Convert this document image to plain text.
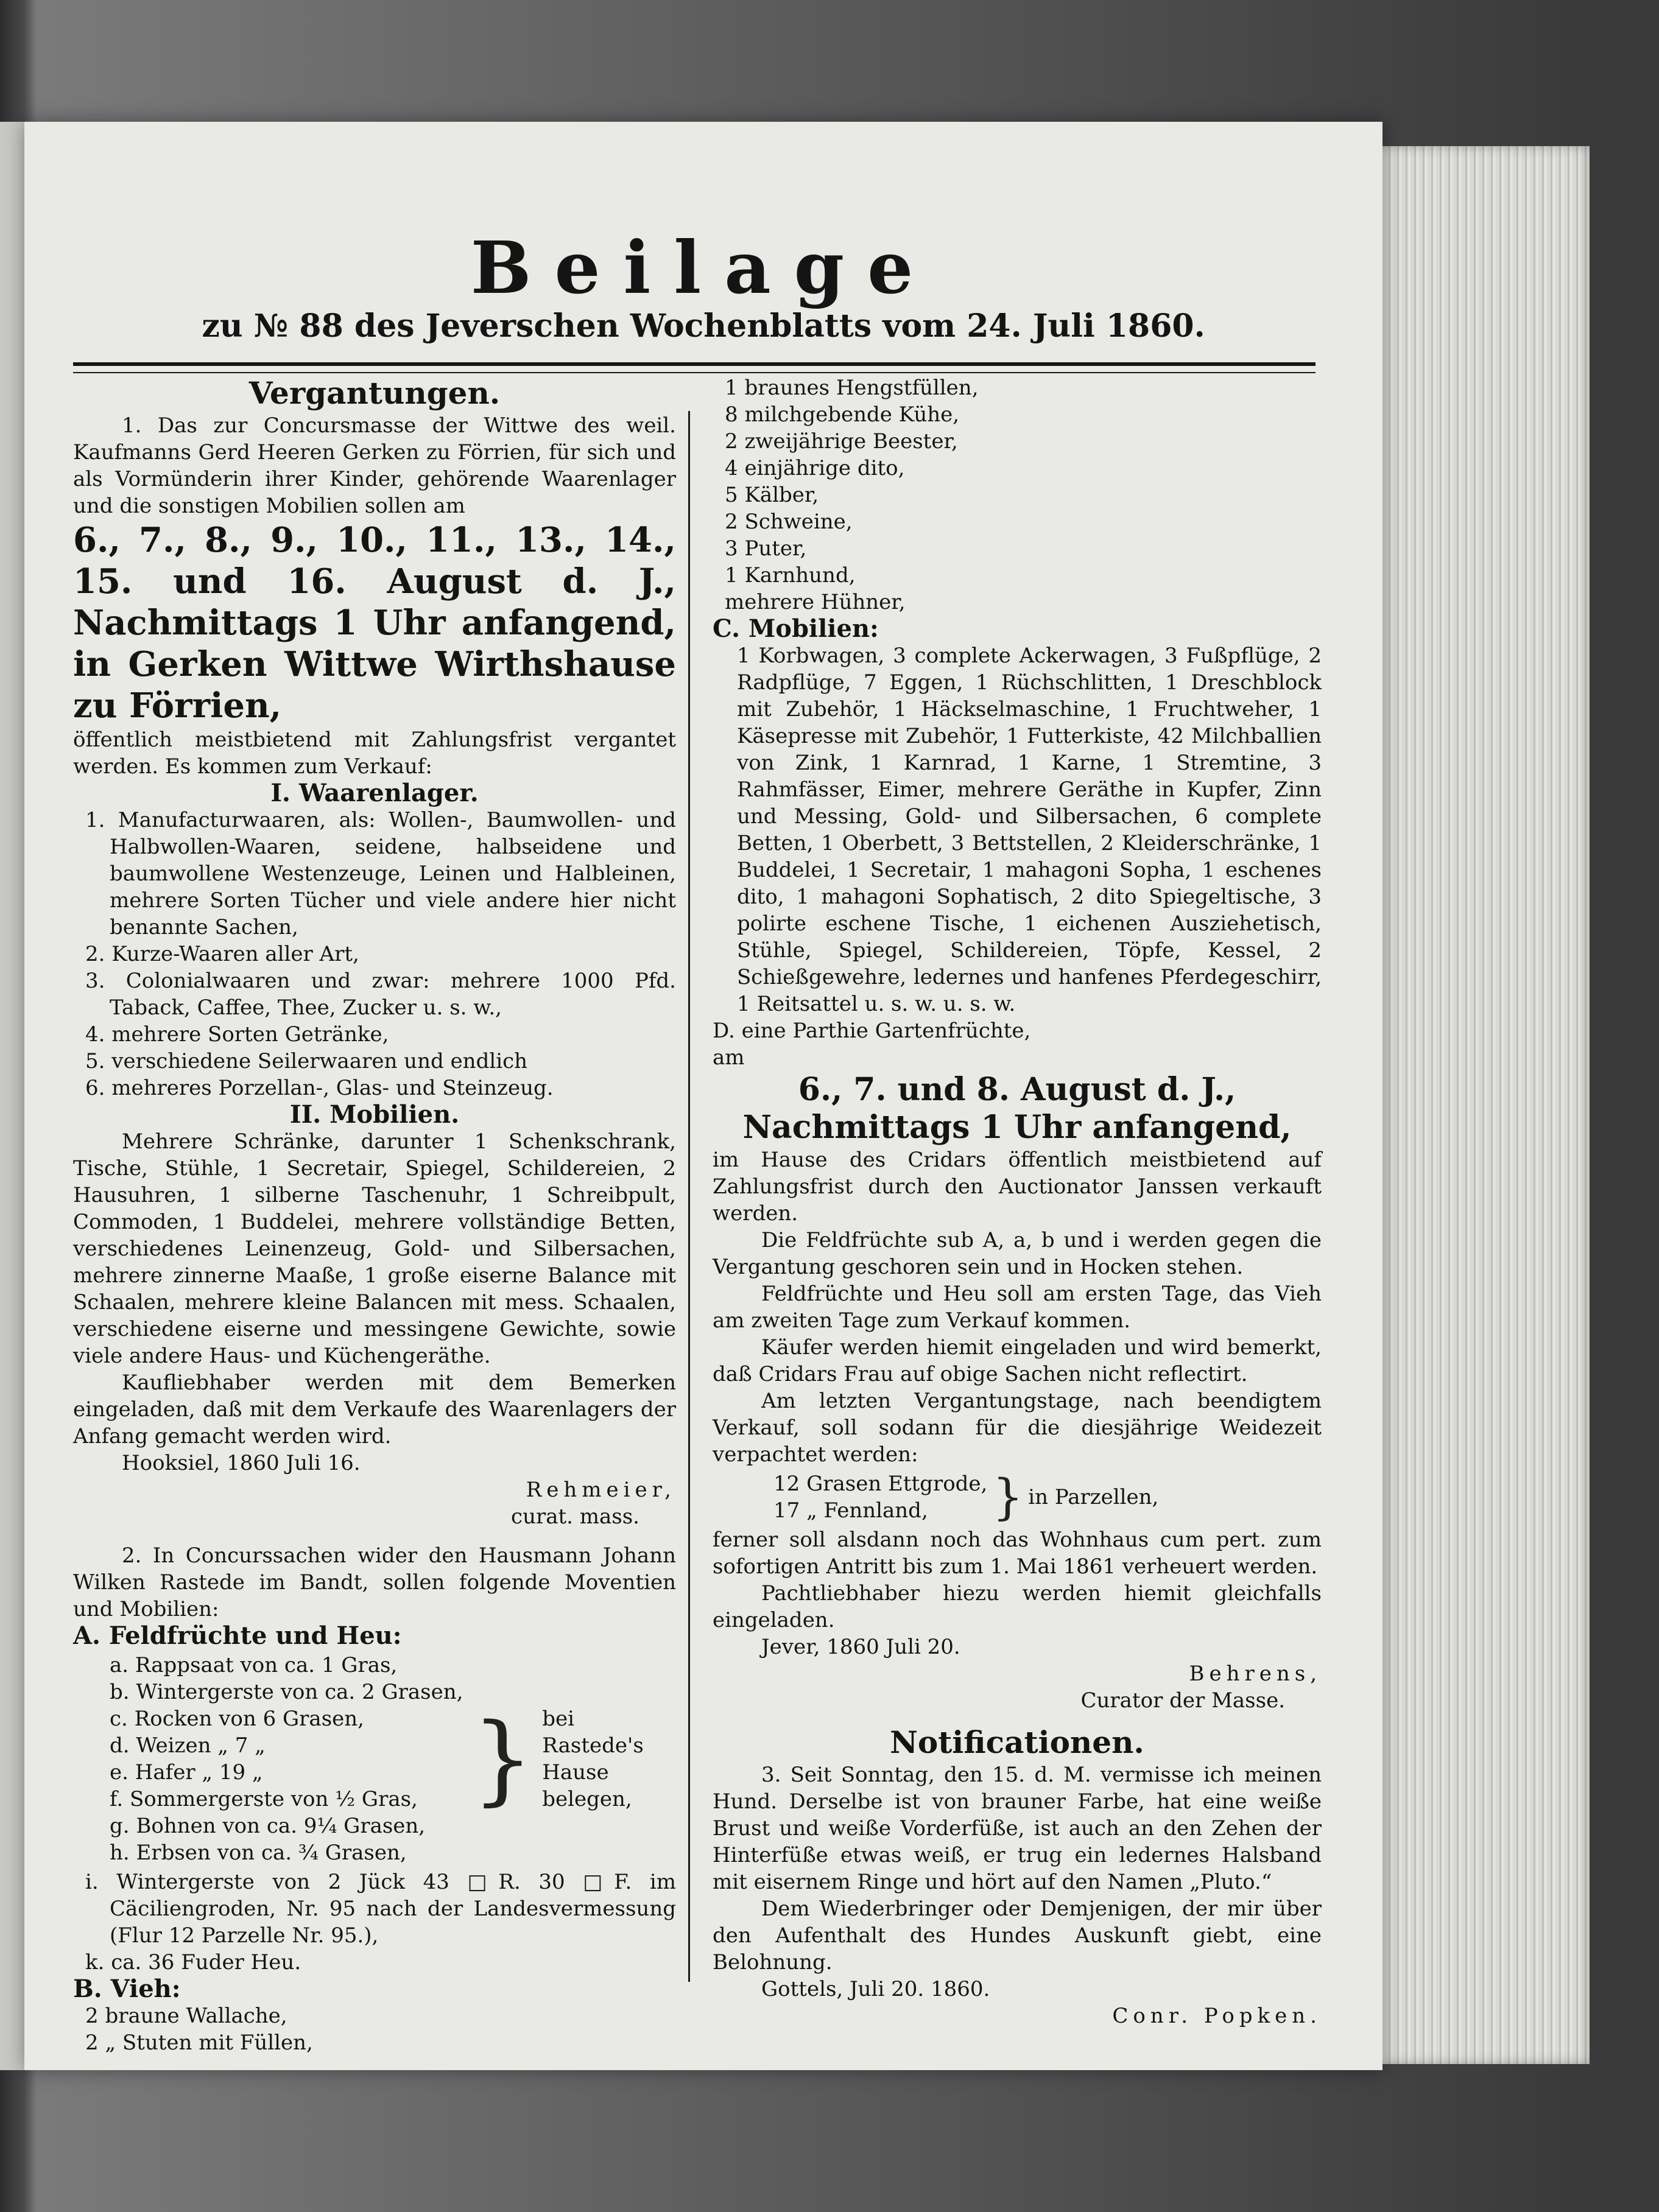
Beilage
zu № 88 des Jeverschen Wochenblatts vom 24. Juli 1860.

Vergantungen.

1. Das zur Concursmasse der Wittwe des weil. Kaufmanns Gerd Heeren Gerken zu Förrien, für sich und als Vormünderin ihrer Kinder, gehörende Waarenlager und die sonstigen Mobilien sollen am

6., 7., 8., 9., 10., 11., 13., 14., 15. und 16. August d. J., Nachmittags 1 Uhr anfangend, in Gerken Wittwe Wirthshause zu Förrien,

öffentlich meistbietend mit Zahlungsfrist vergantet werden. Es kommen zum Verkauf:

I. Waarenlager.

1. Manufacturwaaren, als: Wollen-, Baumwollen- und Halbwollen-Waaren, seidene, halbseidene und baumwollene Westenzeuge, Leinen und Halbleinen, mehrere Sorten Tücher und viele andere hier nicht benannte Sachen,

2. Kurze-Waaren aller Art,

3. Colonialwaaren und zwar: mehrere 1000 Pfd. Taback, Caffee, Thee, Zucker u. s. w.,

4. mehrere Sorten Getränke,

5. verschiedene Seilerwaaren und endlich

6. mehreres Porzellan-, Glas- und Steinzeug.

II. Mobilien.

Mehrere Schränke, darunter 1 Schenkschrank, Tische, Stühle, 1 Secretair, Spiegel, Schildereien, 2 Hausuhren, 1 silberne Taschenuhr, 1 Schreibpult, Commoden, 1 Buddelei, mehrere vollständige Betten, verschiedenes Leinenzeug, Gold- und Silbersachen, mehrere zinnerne Maaße, 1 große eiserne Balance mit Schaalen, mehrere kleine Balancen mit mess. Schaalen, verschiedene eiserne und messingene Gewichte, sowie viele andere Haus- und Küchengeräthe.

Kaufliebhaber werden mit dem Bemerken eingeladen, daß mit dem Verkaufe des Waarenlagers der Anfang gemacht werden wird.

Hooksiel, 1860 Juli 16.

Rehmeier,

curat. mass.

2. In Concurssachen wider den Hausmann Johann Wilken Rastede im Bandt, sollen folgende Moventien und Mobilien:

A. Feldfrüchte und Heu:

a. Rappsaat von ca. 1 Gras,

b. Wintergerste von ca. 2 Grasen,

c. Rocken von 6 Grasen,

d. Weizen „ 7 „

e. Hafer „ 19 „

f. Sommergerste von ½ Gras,

g. Bohnen von ca. 9¼ Grasen,

h. Erbsen von ca. ¾ Grasen,

} bei Rastede's Hause belegen,

i. Wintergerste von 2 Jück 43 □R. 30 □F. im Cäciliengroden, Nr. 95 nach der Landesvermessung (Flur 12 Parzelle Nr. 95.),

k. ca. 36 Fuder Heu.

B. Vieh:

2 braune Wallache,

2 „ Stuten mit Füllen,

1 braunes Hengstfüllen,

8 milchgebende Kühe,

2 zweijährige Beester,

4 einjährige dito,

5 Kälber,

2 Schweine,

3 Puter,

1 Karnhund,

mehrere Hühner,

C. Mobilien:

1 Korbwagen, 3 complete Ackerwagen, 3 Fußpflüge, 2 Radpflüge, 7 Eggen, 1 Rüchschlitten, 1 Dreschblock mit Zubehör, 1 Häckselmaschine, 1 Fruchtweher, 1 Käsepresse mit Zubehör, 1 Futterkiste, 42 Milchballien von Zink, 1 Karnrad, 1 Karne, 1 Stremtine, 3 Rahmfässer, Eimer, mehrere Geräthe in Kupfer, Zinn und Messing, Gold- und Silbersachen, 6 complete Betten, 1 Oberbett, 3 Bettstellen, 2 Kleiderschränke, 1 Buddelei, 1 Secretair, 1 mahagoni Sopha, 1 eschenes dito, 1 mahagoni Sophatisch, 2 dito Spiegeltische, 3 polirte eschene Tische, 1 eichenen Ausziehetisch, Stühle, Spiegel, Schildereien, Töpfe, Kessel, 2 Schießgewehre, ledernes und hanfenes Pferdegeschirr, 1 Reitsattel u. s. w. u. s. w.

D. eine Parthie Gartenfrüchte,

am

6., 7. und 8. August d. J., Nachmittags 1 Uhr anfangend,

im Hause des Cridars öffentlich meistbietend auf Zahlungsfrist durch den Auctionator Janssen verkauft werden.

Die Feldfrüchte sub A, a, b und i werden gegen die Vergantung geschoren sein und in Hocken stehen.

Feldfrüchte und Heu soll am ersten Tage, das Vieh am zweiten Tage zum Verkauf kommen.

Käufer werden hiemit eingeladen und wird bemerkt, daß Cridars Frau auf obige Sachen nicht reflectirt.

Am letzten Vergantungstage, nach beendigtem Verkauf, soll sodann für die diesjährige Weidezeit verpachtet werden:

12 Grasen Ettgrode,

17 „ Fennland,	} in Parzellen,

ferner soll alsdann noch das Wohnhaus cum pert. zum sofortigen Antritt bis zum 1. Mai 1861 verheuert werden.

Pachtliebhaber hiezu werden hiemit gleichfalls eingeladen.

Jever, 1860 Juli 20.

Behrens,

Curator der Masse.

Notificationen.

3. Seit Sonntag, den 15. d. M. vermisse ich meinen Hund. Derselbe ist von brauner Farbe, hat eine weiße Brust und weiße Vorderfüße, ist auch an den Zehen der Hinterfüße etwas weiß, er trug ein ledernes Halsband mit eisernem Ringe und hört auf den Namen „Pluto.“

Dem Wiederbringer oder Demjenigen, der mir über den Aufenthalt des Hundes Auskunft giebt, eine Belohnung.

Gottels, Juli 20. 1860.

Conr. Popken.
